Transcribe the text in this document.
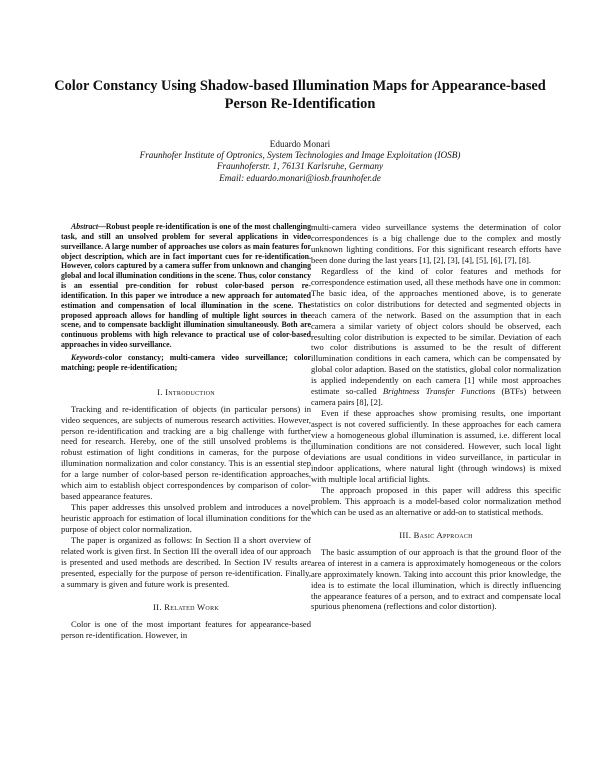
Color Constancy Using Shadow-based Illumination Maps for Appearance-based Person Re-Identification
Eduardo Monari
Fraunhofer Institute of Optronics, System Technologies and Image Exploitation (IOSB)
Fraunhoferstr. 1, 76131 Karlsruhe, Germany
Email: eduardo.monari@iosb.fraunhofer.de

Abstract—Robust people re-identification is one of the most challenging task, and still an unsolved problem for several applications in video surveillance. A large number of approaches use colors as main features for object description, which are in fact important cues for re-identification. However, colors captured by a camera suffer from unknown and changing global and local illumination conditions in the scene. Thus, color constancy is an essential pre-condition for robust color-based person re-identification. In this paper we introduce a new approach for automated estimation and compensation of local illumination in the scene. The proposed approach allows for handling of multiple light sources in the scene, and to compensate backlight illumination simultaneously. Both are continuous problems with high relevance to practical use of color-based approaches in video surveillance.

Keywords-color constancy; multi-camera video surveillance; color matching; people re-identification;

I. Introduction

Tracking and re-identification of objects (in particular persons) in video sequences, are subjects of numerous research activities. However, person re-identification and tracking are a big challenge with further need for research. Hereby, one of the still unsolved problems is the robust estimation of light conditions in cameras, for the purpose of illumination normalization and color constancy. This is an essential step for a large number of color-based person re-identification approaches, which aim to establish object correspondences by comparison of color-based appearance features.

This paper addresses this unsolved problem and introduces a novel heuristic approach for estimation of local illumination conditions for the purpose of object color normalization.

The paper is organized as follows: In Section II a short overview of related work is given first. In Section III the overall idea of our approach is presented and used methods are described. In Section IV results are presented, especially for the purpose of person re-identification. Finally, a summary is given and future work is presented.

II. Related Work

Color is one of the most important features for appearance-based person re-identification. However, in

multi-camera video surveillance systems the determination of color correspondences is a big challenge due to the complex and mostly unknown lighting conditions. For this significant research efforts have been done during the last years [1], [2], [3], [4], [5], [6], [7], [8].

Regardless of the kind of color features and methods for correspondence estimation used, all these methods have one in common: The basic idea, of the approaches mentioned above, is to generate statistics on color distributions for detected and segmented objects in each camera of the network. Based on the assumption that in each camera a similar variety of object colors should be observed, each resulting color distribution is expected to be similar. Deviation of each two color distributions is assumed to be the result of different illumination conditions in each camera, which can be compensated by global color adaption. Based on the statistics, global color normalization is applied independently on each camera [1] while most approaches estimate so-called Brightness Transfer Functions (BTFs) between camera pairs [8], [2].

Even if these approaches show promising results, one important aspect is not covered sufficiently. In these approaches for each camera view a homogeneous global illumination is assumed, i.e. different local illumination conditions are not considered. However, such local light deviations are usual conditions in video surveillance, in particular in indoor applications, where natural light (through windows) is mixed with multiple local artificial lights.

The approach proposed in this paper will address this specific problem. This approach is a model-based color normalization method which can be used as an alternative or add-on to statistical methods.

III. Basic Approach

The basic assumption of our approach is that the ground floor of the area of interest in a camera is approximately homogeneous or the colors are approximately known. Taking into account this prior knowledge, the idea is to estimate the local illumination, which is directly influencing the appearance features of a person, and to extract and compensate local spurious phenomena (reflections and color distortion).
